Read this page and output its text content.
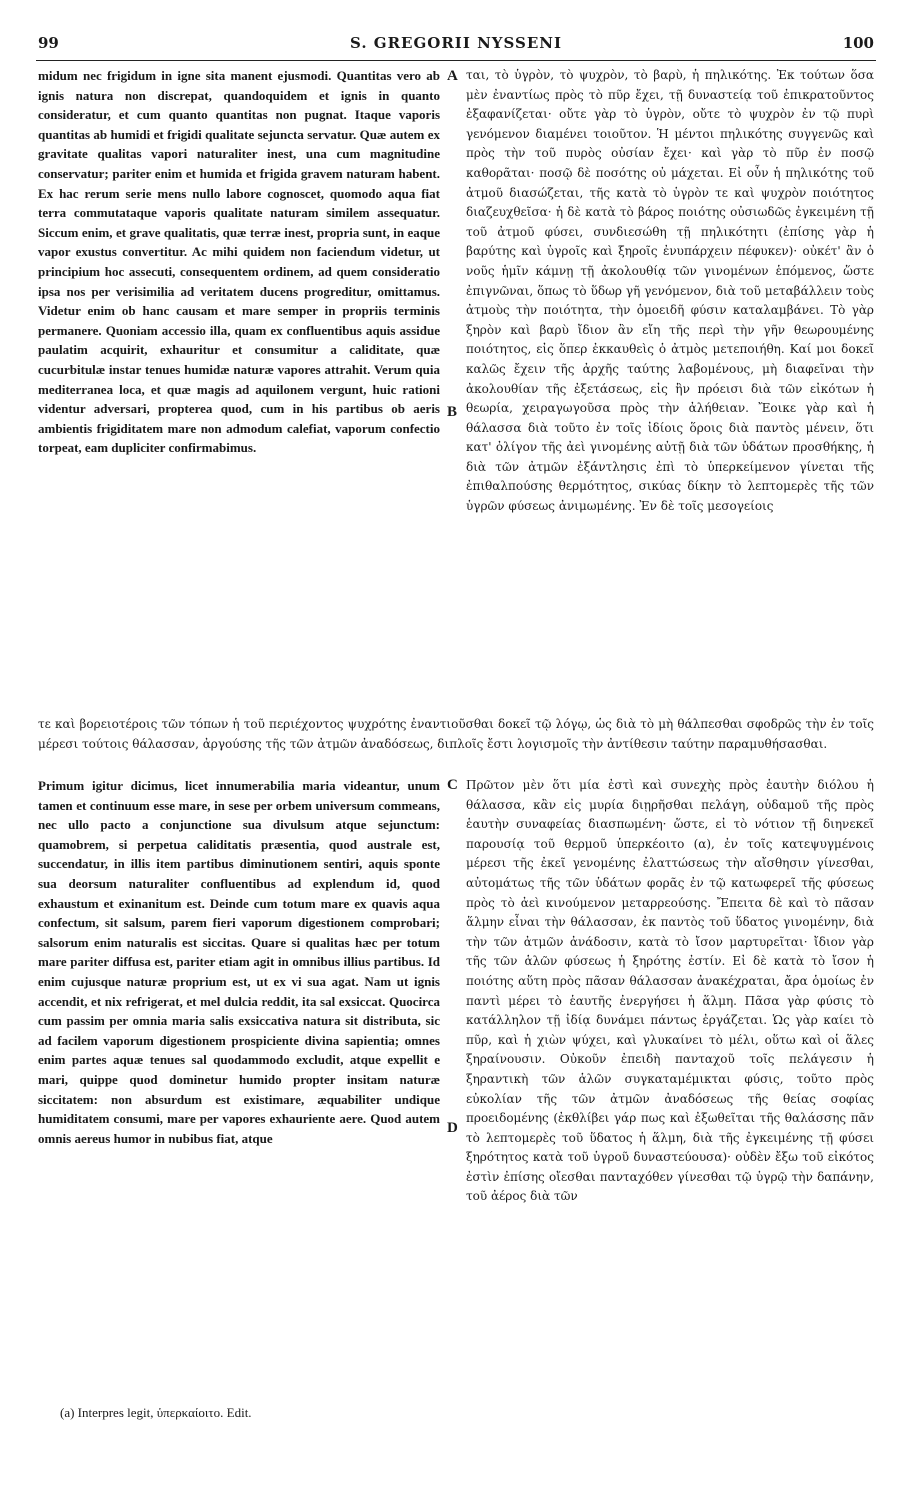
99	S. GREGORII NYSSENI	100

midum nec frigidum in igne sita manent ejusmodi. Quantitas vero ab ignis natura non discrepat, quandoquidem et ignis in quanto consideratur, et cum quanto quantitas non pugnat. Itaque vaporis quantitas ab humidi et frigidi qualitate sejuncta servatur. Quæ autem ex gravitate qualitas vapori naturaliter inest, una cum magnitudine conservatur; pariter enim et humida et frigida gravem naturam habent. Ex hac rerum serie mens nullo labore cognoscet, quomodo aqua fiat terra commutataque vaporis qualitate naturam similem assequatur. Siccum enim, et grave qualitatis, quæ terræ inest, propria sunt, in eaque vapor exustus convertitur. Ac mihi quidem non faciendum videtur, ut principium hoc assecuti, consequentem ordinem, ad quem consideratio ipsa nos per verisimilia ad veritatem ducens progreditur, omittamus. Videtur enim ob hanc causam et mare semper in propriis terminis permanere. Quoniam accessio illa, quam ex confluentibus aquis assidue paulatim acquirit, exhauritur et consumitur a caliditate, quæ cucurbitulæ instar tenues humidæ naturæ vapores attrahit. Verum quia mediterranea loca, et quæ magis ad aquilonem vergunt, huic rationi videntur adversari, propterea quod, cum in his partibus ob aeris ambientis frigiditatem mare non admodum calefiat, vaporum confectio torpeat, eam dupliciter confirmabimus.

ται, τὸ ὑγρὸν, τὸ ψυχρὸν, τὸ βαρὺ, ἡ πηλικότης. Ἐκ τούτων ὅσα μὲν ἐναντίως πρὸς τὸ πῦρ ἔχει, τῇ δυναστείᾳ τοῦ ἐπικρατοῦντος ἐξαφανίζεται· οὔτε γὰρ τὸ ὑγρὸν, οὔτε τὸ ψυχρὸν ἐν τῷ πυρὶ γενόμενον διαμένει τοιοῦτον. Ἡ μέντοι πηλικότης συγγενῶς καὶ πρὸς τὴν τοῦ πυρὸς οὐσίαν ἔχει· καὶ γὰρ τὸ πῦρ ἐν ποσῷ καθορᾶται· ποσῷ δὲ ποσότης οὐ μάχεται. Εἰ οὖν ἡ πηλικότης τοῦ ἀτμοῦ διασώζεται, τῆς κατὰ τὸ ὑγρὸν τε καὶ ψυχρὸν ποιότητος διαζευχθεῖσα· ἡ δὲ κατὰ τὸ βάρος ποιότης οὐσιωδῶς ἐγκειμένη τῇ τοῦ ἀτμοῦ φύσει, συνδιεσώθη τῇ πηλικότητι (ἐπίσης γὰρ ἡ βαρύτης καὶ ὑγροῖς καὶ ξηροῖς ἐνυπάρχειν πέφυκεν)· οὐκέτ' ἂν ὁ νοῦς ἡμῖν κάμνῃ τῇ ἀκολουθίᾳ τῶν γινομένων ἑπόμενος, ὥστε ἐπιγνῶναι, ὅπως τὸ ὕδωρ γῆ γενόμενον, διὰ τοῦ μεταβάλλειν τοὺς ἀτμοὺς τὴν ποιότητα, τὴν ὁμοειδῆ φύσιν καταλαμβάνει. Τὸ γὰρ ξηρὸν καὶ βαρὺ ἴδιον ἂν εἴη τῆς περὶ τὴν γῆν θεωρουμένης ποιότητος, εἰς ὅπερ ἐκκαυθεὶς ὁ ἀτμὸς μετεποιήθη. Καί μοι δοκεῖ καλῶς ἔχειν τῆς ἀρχῆς ταύτης λαβομένους, μὴ διαφεῖναι τὴν ἀκολουθίαν τῆς ἐξετάσεως, εἰς ἣν πρόεισι διὰ τῶν εἰκότων ἡ θεωρία, χειραγωγοῦσα πρὸς τὴν ἀλήθειαν. Ἔοικε γὰρ καὶ ἡ θάλασσα διὰ τοῦτο ἐν τοῖς ἰδίοις ὅροις διὰ παντὸς μένειν, ὅτι κατ' ὀλίγον τῆς ἀεὶ γινομένης αὐτῇ διὰ τῶν ὑδάτων προσθήκης, ἡ διὰ τῶν ἀτμῶν ἐξάντλησις ἐπὶ τὸ ὑπερκείμενον γίνεται τῆς ἐπιθαλπούσης θερμότητος, σικύας δίκην τὸ λεπτομερὲς τῆς τῶν ὑγρῶν φύσεως ἀνιμωμένης. Ἐν δὲ τοῖς μεσογείοις

A
B

τε καὶ βορειοτέροις τῶν τόπων ἡ τοῦ περιέχοντος ψυχρότης ἐναντιοῦσθαι δοκεῖ τῷ λόγῳ, ὡς διὰ τὸ μὴ θάλπεσθαι σφοδρῶς τὴν ἐν τοῖς μέρεσι τούτοις θάλασσαν, ἀργούσης τῆς τῶν ἀτμῶν ἀναδόσεως, διπλοῖς ἔστι λογισμοῖς τὴν ἀντίθεσιν ταύτην παραμυθήσασθαι.

C

Primum igitur dicimus, licet innumerabilia maria videantur, unum tamen et continuum esse mare, in sese per orbem universum commeans, nec ullo pacto a conjunctione sua divulsum atque sejunctum: quamobrem, si perpetua caliditatis præsentia, quod australe est, succendatur, in illis item partibus diminutionem sentiri, aquis sponte sua deorsum naturaliter confluentibus ad explendum id, quod exhaustum et exinanitum est. Deinde cum totum mare ex quavis aqua confectum, sit salsum, parem fieri vaporum digestionem comprobari; salsorum enim naturalis est siccitas. Quare si qualitas hæc per totum mare pariter diffusa est, pariter etiam agit in omnibus illius partibus. Id enim cujusque naturæ proprium est, ut ex vi sua agat. Nam ut ignis accendit, et nix refrigerat, et mel dulcia reddit, ita sal exsiccat. Quocirca cum passim per omnia maria salis exsiccativa natura sit distributa, sic ad facilem vaporum digestionem prospiciente divina sapientia; omnes enim partes aquæ tenues sal quodammodo excludit, atque expellit e mari, quippe quod dominetur humido propter insitam naturæ siccitatem: non absurdum est existimare, æquabiliter undique humiditatem consumi, mare per vapores exhauriente aere. Quod autem omnis aereus humor in nubibus fiat, atque

Πρῶτον μὲν ὅτι μία ἐστὶ καὶ συνεχὴς πρὸς ἑαυτὴν διόλου ἡ θάλασσα, κἂν εἰς μυρία διῃρῆσθαι πελάγη, οὐδαμοῦ τῆς πρὸς ἑαυτὴν συναφείας διασπωμένη· ὥστε, εἰ τὸ νότιον τῇ διηνεκεῖ παρουσίᾳ τοῦ θερμοῦ ὑπερκέοιτο (α), ἐν τοῖς κατεψυγμένοις μέρεσι τῆς ἐκεῖ γενομένης ἐλαττώσεως τὴν αἴσθησιν γίνεσθαι, αὐτομάτως τῆς τῶν ὑδάτων φορᾶς ἐν τῷ κατωφερεῖ τῆς φύσεως πρὸς τὸ ἀεὶ κινούμενον μεταρρεούσης. Ἔπειτα δὲ καὶ τὸ πᾶσαν ἅλμην εἶναι τὴν θάλασσαν, ἐκ παντὸς τοῦ ὕδατος γινομένην, διὰ τὴν τῶν ἀτμῶν ἀνάδοσιν, κατὰ τὸ ἴσον μαρτυρεῖται· ἴδιον γὰρ τῆς τῶν ἁλῶν φύσεως ἡ ξηρότης ἐστίν. Εἰ δὲ κατὰ τὸ ἴσον ἡ ποιότης αὕτη πρὸς πᾶσαν θάλασσαν ἀνακέχραται, ἄρα ὁμοίως ἐν παντὶ μέρει τὸ ἑαυτῆς ἐνεργήσει ἡ ἅλμη. Πᾶσα γὰρ φύσις τὸ κατάλληλον τῇ ἰδίᾳ δυνάμει πάντως ἐργάζεται. Ὡς γὰρ καίει τὸ πῦρ, καὶ ἡ χιὼν ψύχει, καὶ γλυκαίνει τὸ μέλι, οὕτω καὶ οἱ ἅλες ξηραίνουσιν. Οὐκοῦν ἐπειδὴ πανταχοῦ τοῖς πελάγεσιν ἡ ξηραντικὴ τῶν ἁλῶν συγκαταμέμικται φύσις, τοῦτο πρὸς εὐκολίαν τῆς τῶν ἀτμῶν ἀναδόσεως τῆς θείας σοφίας προειδομένης (ἐκθλίβει γάρ πως καὶ ἐξωθεῖται τῆς θαλάσσης πᾶν τὸ λεπτομερὲς τοῦ ὕδατος ἡ ἅλμη, διὰ τῆς ἐγκειμένης τῇ φύσει ξηρότητος κατὰ τοῦ ὑγροῦ δυναστεύουσα)· οὐδὲν ἔξω τοῦ εἰκότος ἐστὶν ἐπίσης οἴεσθαι πανταχόθεν γίνεσθαι τῷ ὑγρῷ τὴν δαπάνην, τοῦ ἀέρος διὰ τῶν

D
(a) Interpres legit, ὑπερκαίοιτο. Edit.
